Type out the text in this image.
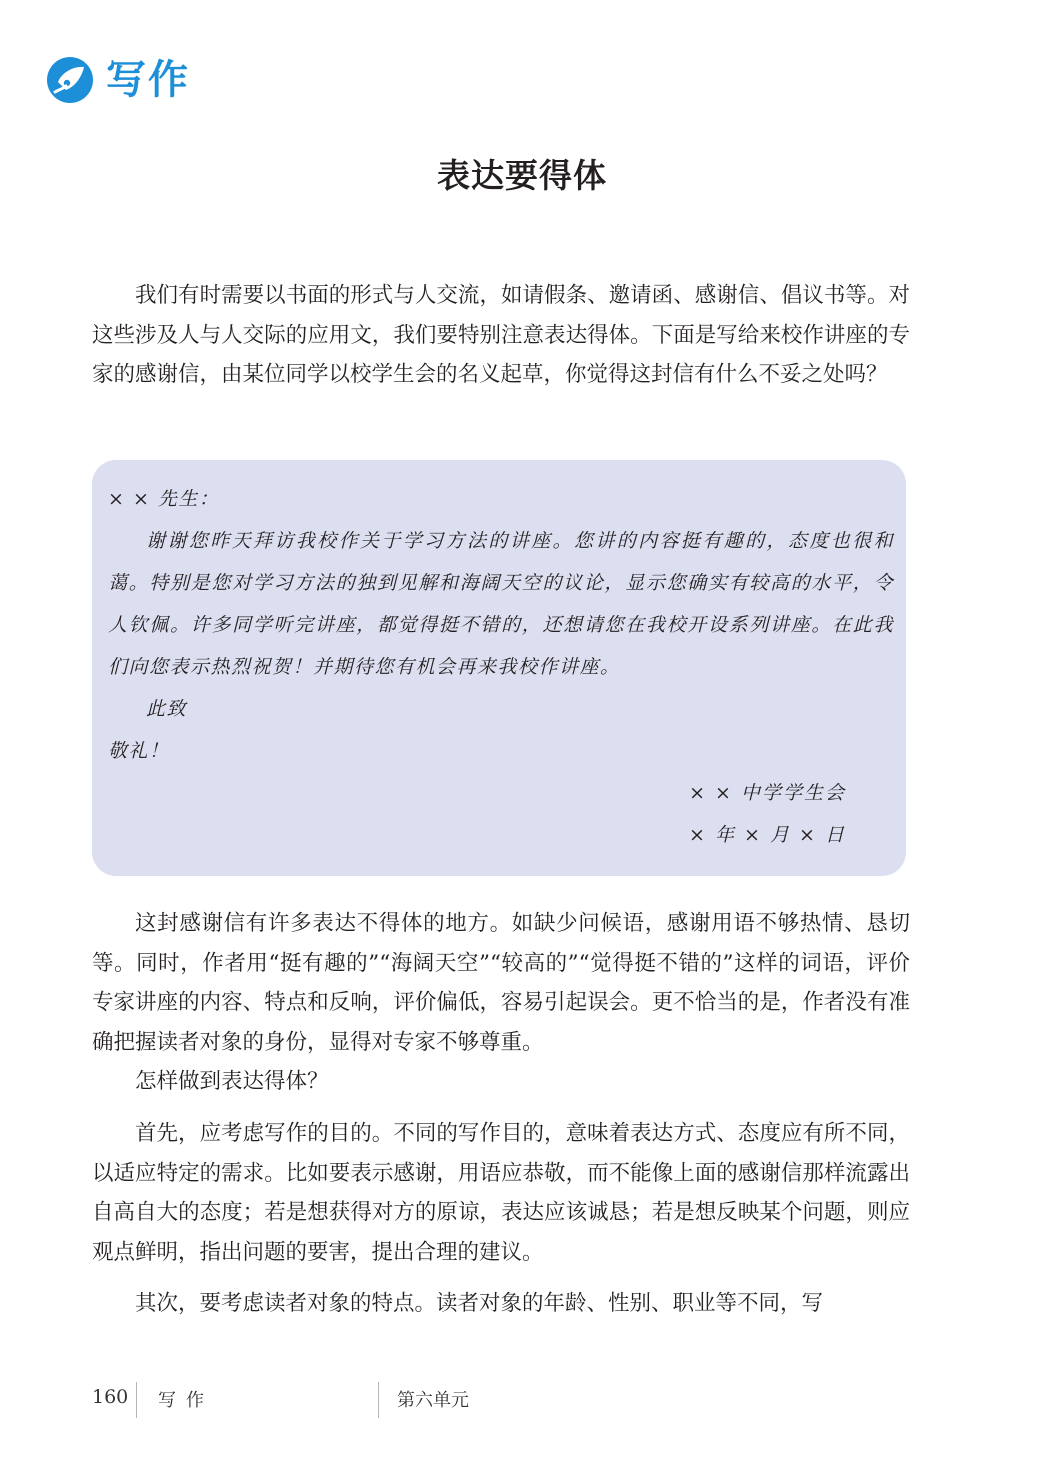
写作
表达要得体

我们有时需要以书面的形式与人交流，如请假条、邀请函、感谢信、倡议书等。对这些涉及人与人交际的应用文，我们要特别注意表达得体。下面是写给来校作讲座的专家的感谢信，由某位同学以校学生会的名义起草，你觉得这封信有什么不妥之处吗？

× × 先生：

谢谢您昨天拜访我校作关于学习方法的讲座。您讲的内容挺有趣的，态度也很和蔼。特别是您对学习方法的独到见解和海阔天空的议论，显示您确实有较高的水平，令人钦佩。许多同学听完讲座，都觉得挺不错的，还想请您在我校开设系列讲座。在此我们向您表示热烈祝贺！并期待您有机会再来我校作讲座。

此致

敬礼！

× × 中学学生会
× 年 × 月 × 日

这封感谢信有许多表达不得体的地方。如缺少问候语，感谢用语不够热情、恳切等。同时，作者用“挺有趣的”“海阔天空”“较高的”“觉得挺不错的”这样的词语，评价专家讲座的内容、特点和反响，评价偏低，容易引起误会。更不恰当的是，作者没有准确把握读者对象的身份，显得对专家不够尊重。

怎样做到表达得体？

首先，应考虑写作的目的。不同的写作目的，意味着表达方式、态度应有所不同，以适应特定的需求。比如要表示感谢，用语应恭敬，而不能像上面的感谢信那样流露出自高自大的态度；若是想获得对方的原谅，表达应该诚恳；若是想反映某个问题，则应观点鲜明，指出问题的要害，提出合理的建议。

其次，要考虑读者对象的特点。读者对象的年龄、性别、职业等不同，写

160 写作	第六单元
